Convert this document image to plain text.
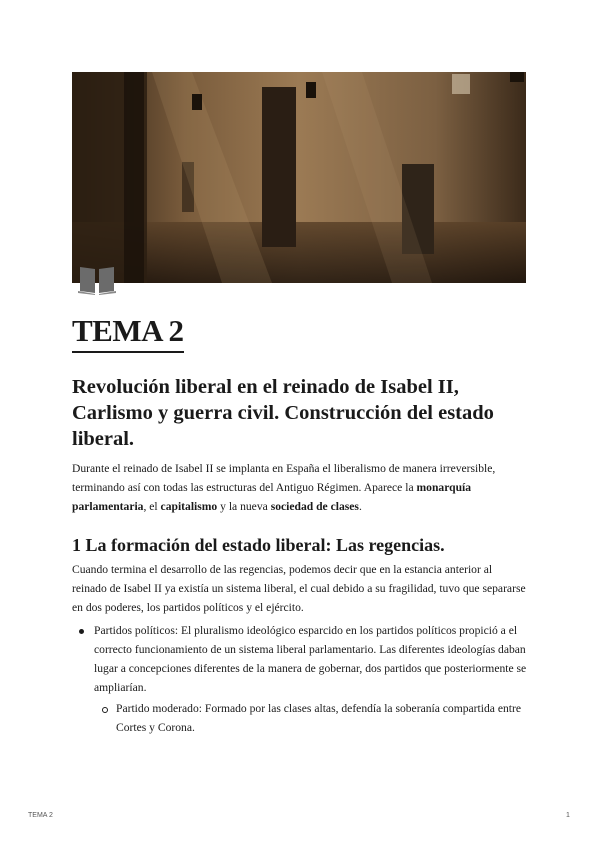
TEMA 2
Revolución liberal en el reinado de Isabel II, Carlismo y guerra civil. Construcción del estado liberal.

Durante el reinado de Isabel II se implanta en España el liberalismo de manera irreversible, terminando así con todas las estructuras del Antiguo Régimen. Aparece la monarquía parlamentaria, el capitalismo y la nueva sociedad de clases.

1 La formación del estado liberal: Las regencias.

Cuando termina el desarrollo de las regencias, podemos decir que en la estancia anterior al reinado de Isabel II ya existía un sistema liberal, el cual debido a su fragilidad, tuvo que separarse en dos poderes, los partidos políticos y el ejército.

Partidos políticos: El pluralismo ideológico esparcido en los partidos políticos propició a el correcto funcionamiento de un sistema liberal parlamentario. Las diferentes ideologías daban lugar a concepciones diferentes de la manera de gobernar, dos partidos que posteriormente se ampliarían.

Partido moderado: Formado por las clases altas, defendía la soberanía compartida entre Cortes y Corona.

TEMA 2	1
